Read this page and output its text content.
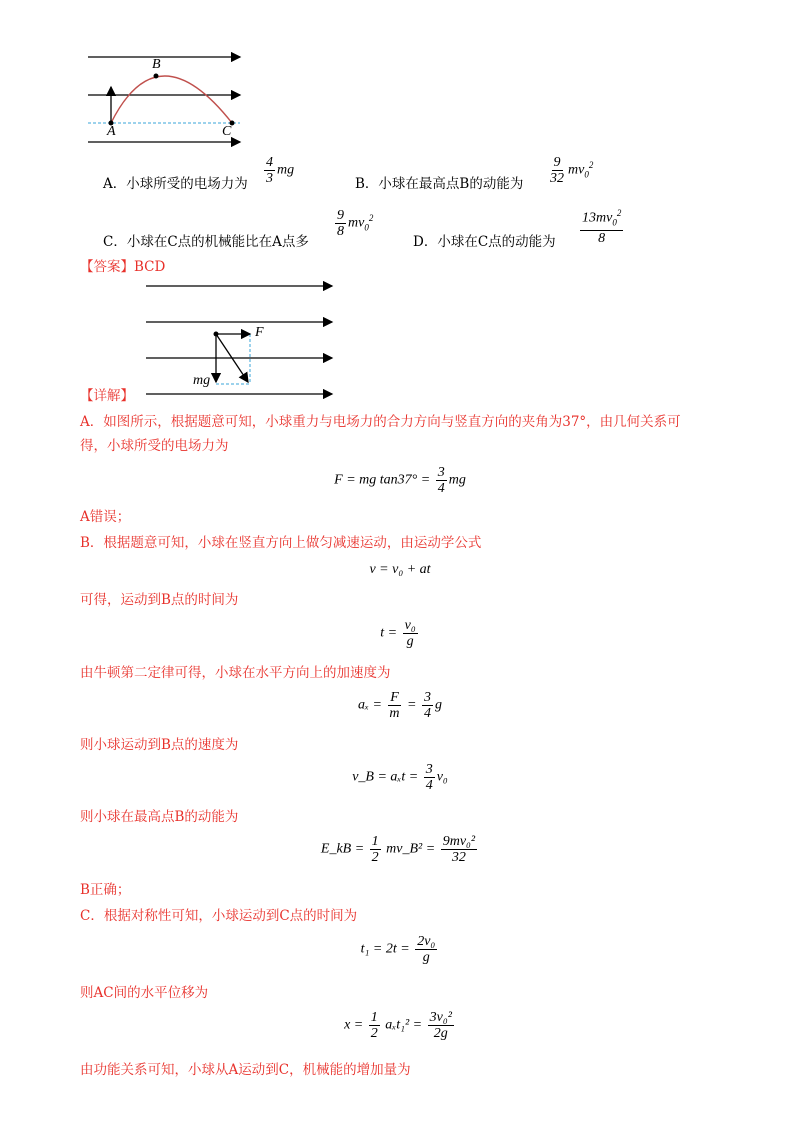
B
A	C
A．小球所受的电场力为 $\frac{4}{3}$ mg
B．小球在最高点B的动能为 $\frac{9}{32} mv_0^2$
C．小球在C点的机械能比在A点多
$\frac{9}{8} mv_0^2$
D．小球在C点的动能为 $\frac{13mv_0^2}{8}$
【答案】BCD
F
mg
【详解】
A．如图所示，根据题意可知，小球重力与电场力的合力方向与竖直方向的夹角为37°，由几何关系可
得，小球所受的电场力为
F = mg $\tan 37^\circ = \frac{3}{4}$ mg
A错误；
B．根据题意可知，小球在竖直方向上做匀减速运动，由运动学公式
v = v₀ + at
可得，运动到B点的时间为
$t = \frac{\text{v₀}}{g}$
由牛顿第二定律可得，小球在水平方向上的加速度为
$a_x = \frac{F}{m} = \frac{3}{4}$ g
则小球运动到B点的速度为
v_B = $a_xt = \frac{3}{4} v_0$
则小球在最高点B的动能为
E_kB = $\frac{1}{2}$ mv_B² = $\frac{\text{9mv₀²}}{32}$
B正确；
C．根据对称性可知，小球运动到C点的时间为
$t_1 = 2t = \frac{\text{2v₀}}{g}$
则AC间的水平位移为
$x = \frac{1}{2} a_xt_1^2 = \frac{\text{3v₀²}}{2g}$
由功能关系可知，小球从A运动到C，机械能的增加量为
